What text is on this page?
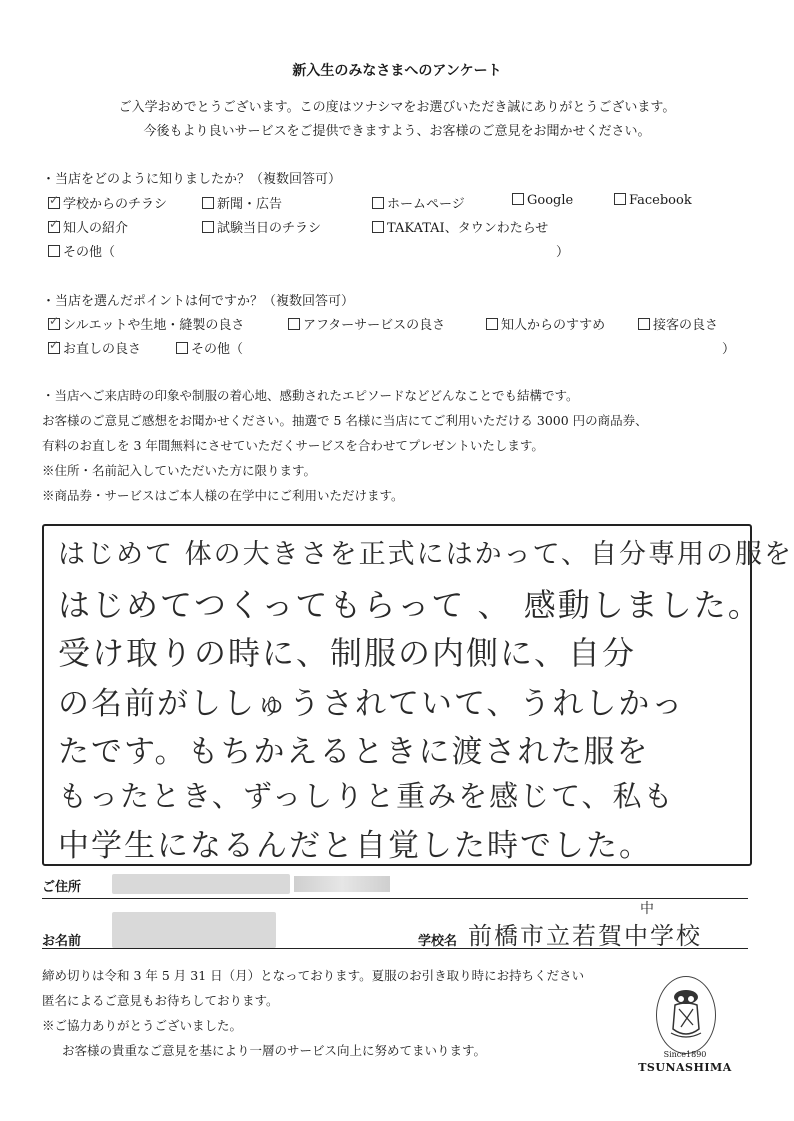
新入生のみなさまへのアンケート
ご入学おめでとうございます。この度はツナシマをお選びいただき誠にありがとうございます。
今後もより良いサービスをご提供できますよう、お客様のご意見をお聞かせください。
・当店をどのように知りましたか？（複数回答可）
✓学校からのチラシ	新聞・広告	ホームページ	Google	Facebook
✓知人の紹介	試験当日のチラシ	TAKATAI、タウンわたらせ
その他（	）
・当店を選んだポイントは何ですか？（複数回答可）
✓シルエットや生地・縫製の良さ	アフターサービスの良さ	知人からのすすめ	接客の良さ
✓お直しの良さ	その他（	）
・当店へご来店時の印象や制服の着心地、感動されたエピソードなどどんなことでも結構です。
お客様のご意見ご感想をお聞かせください。抽選で 5 名様に当店にてご利用いただける 3000 円の商品券、
有料のお直しを 3 年間無料にさせていただくサービスを合わせてプレゼントいたします。
※住所・名前記入していただいた方に限ります。
※商品券・サービスはご本人様の在学中にご利用いただけます。
はじめて 体の大きさを正式にはかって、自分専用の服を
はじめてつくってもらって 、 感動しました。
受け取りの時に、制服の内側に、自分
の名前がししゅうされていて、うれしかっ
たです。もちかえるときに渡された服を
もったとき、ずっしりと重みを感じて、私も
中学生になるんだと自覚した時でした。
ご住所
お名前	学校名 前橋市立若賀中学校
中
締め切りは令和 3 年 5 月 31 日（月）となっております。夏服のお引き取り時にお持ちください
匿名によるご意見もお待ちしております。
※ご協力ありがとうございました。
お客様の貴重なご意見を基により一層のサービス向上に努めてまいります。	Since1890
TSUNASHIMA
